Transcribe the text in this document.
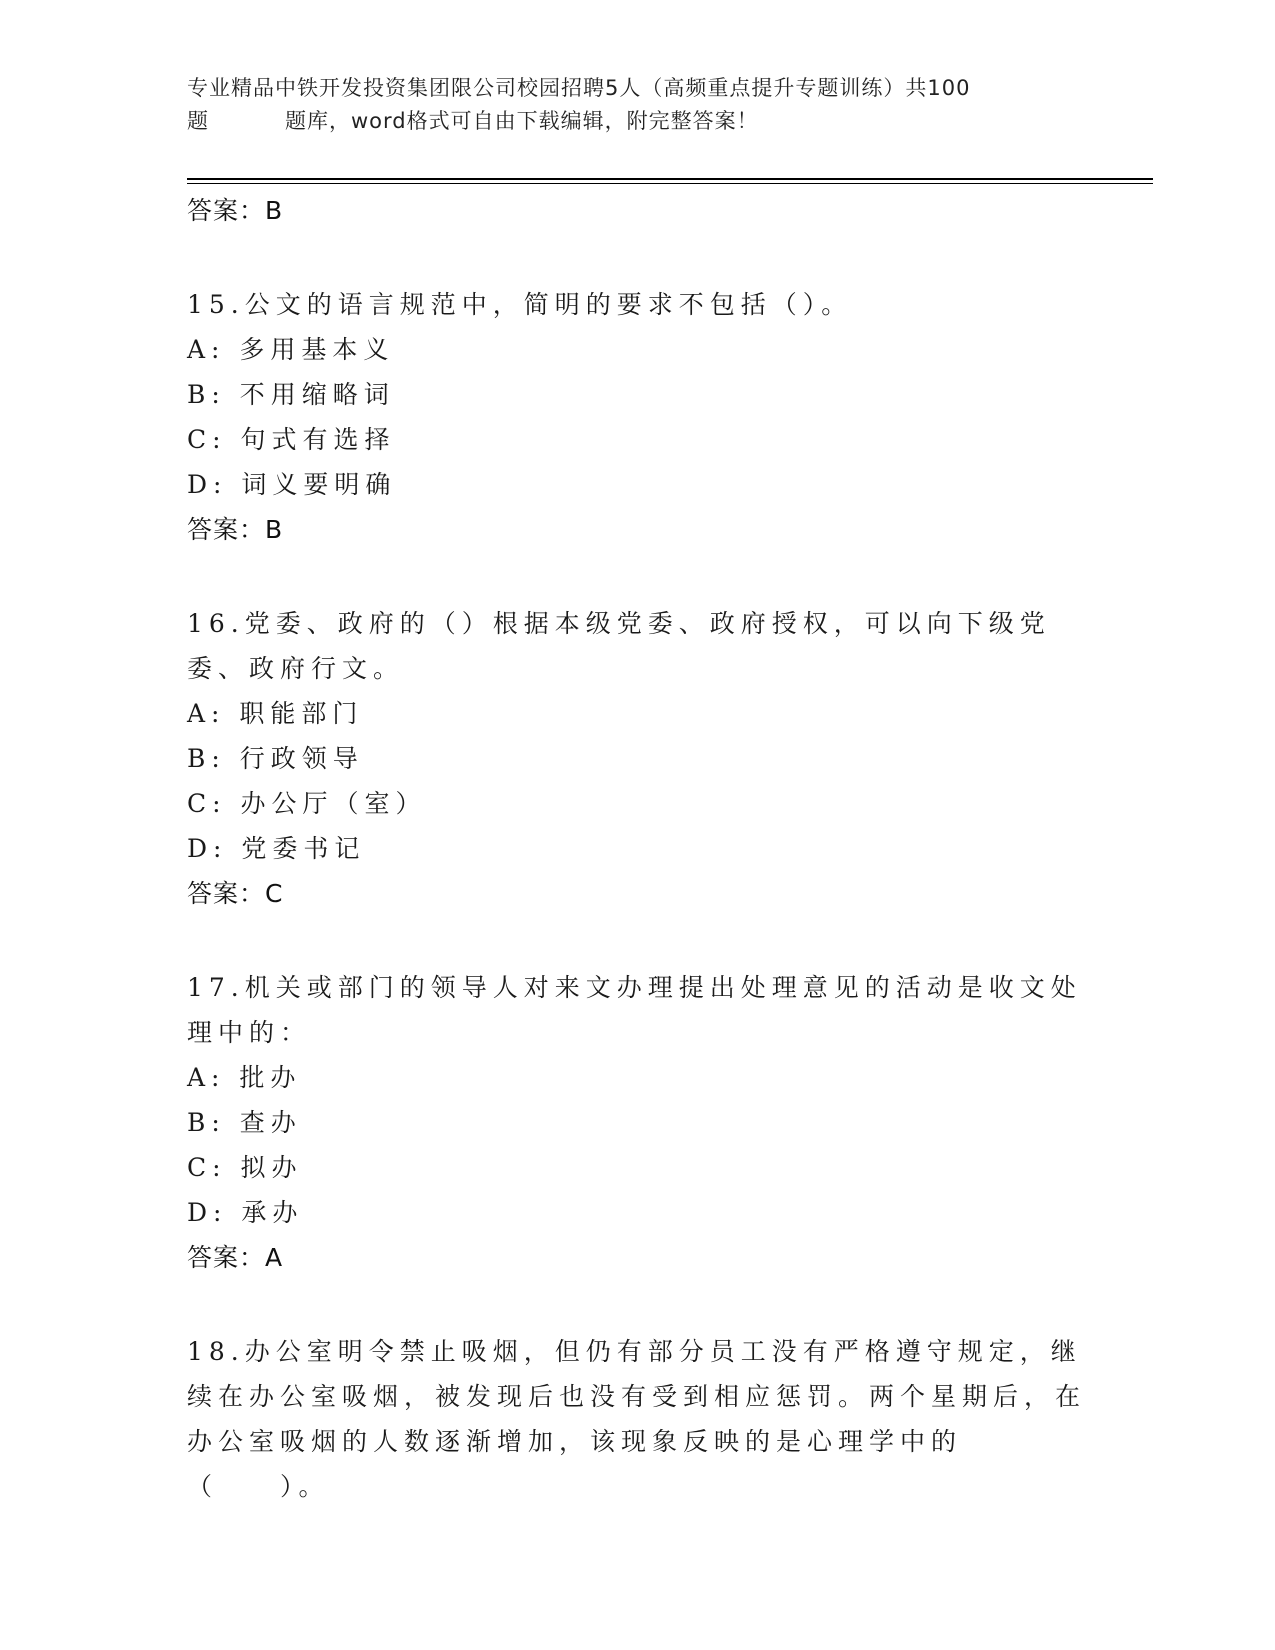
专业精品中铁开发投资集团限公司校园招聘5人（高频重点提升专题训练）共100
题	题库，word格式可自由下载编辑，附完整答案！
答案：B
15.公文的语言规范中，简明的要求不包括（）。
A: 多用基本义
B: 不用缩略词
C: 句式有选择
D: 词义要明确
答案：B
16.党委、政府的（）根据本级党委、政府授权，可以向下级党委、政府行文。
A: 职能部门
B: 行政领导
C: 办公厅（室）
D: 党委书记
答案：C
17.机关或部门的领导人对来文办理提出处理意见的活动是收文处理中的：
A: 批办
B: 查办
C: 拟办
D: 承办
答案：A
18.办公室明令禁止吸烟，但仍有部分员工没有严格遵守规定，继续在办公室吸烟，被发现后也没有受到相应惩罚。两个星期后，在办公室吸烟的人数逐渐增加，该现象反映的是心理学中的（　　）。
